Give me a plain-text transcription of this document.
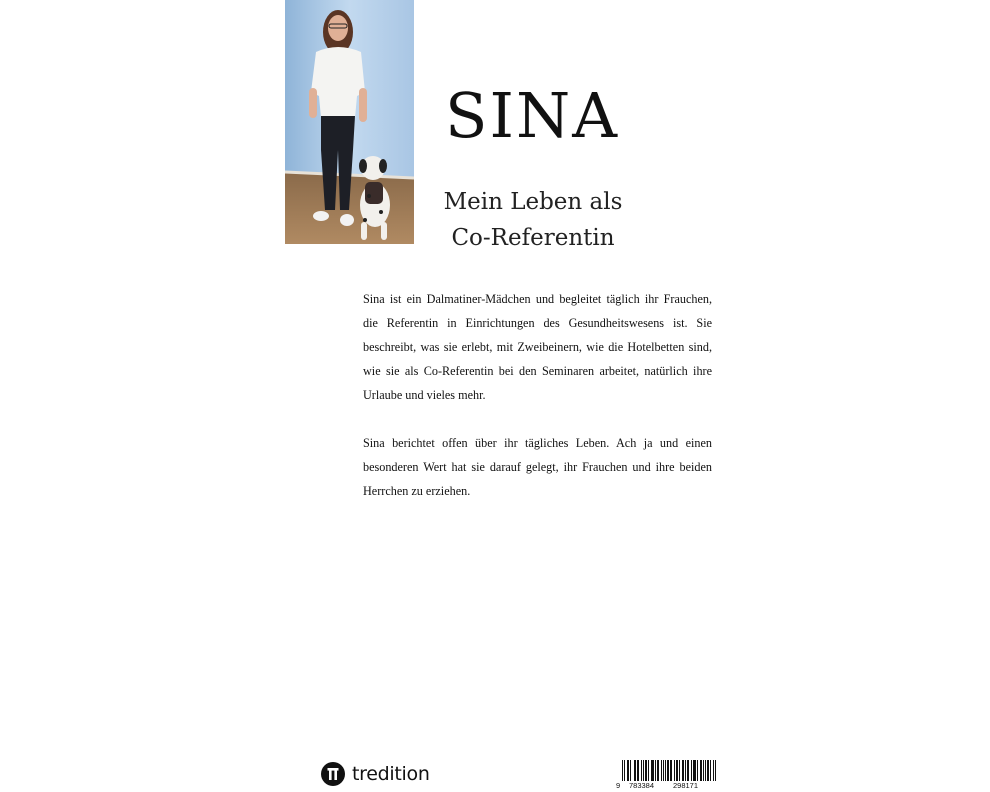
SINA
Mein Leben als
Co-Referentin

Sina ist ein Dalmatiner-Mädchen und begleitet täglich ihr Frauchen, die Referentin in Einrichtungen des Gesundheitswesens ist. Sie beschreibt, was sie erlebt, mit Zweibeinern, wie die Hotelbetten sind, wie sie als Co-Referentin bei den Seminaren arbeitet, natürlich ihre Urlaube und vieles mehr.

Sina berichtet offen über ihr tägliches Leben. Ach ja und einen besonderen Wert hat sie darauf gelegt, ihr Frauchen und ihre beiden Herrchen zu erziehen.

tredition
9 783384	298171
